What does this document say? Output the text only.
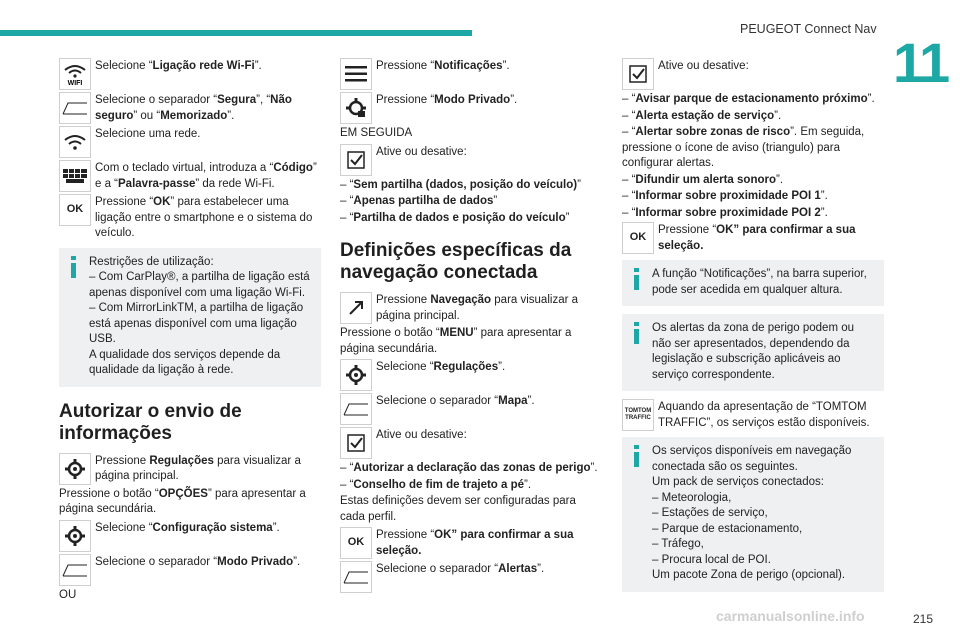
PEUGEOT Connect Nav
11
WIFI
Selecione “Ligação rede Wi-Fi”.
Selecione o separador “Segura”, “Não seguro” ou “Memorizado”.
Selecione uma rede.
Com o teclado virtual, introduza a “Código” e a “Palavra-passe” da rede Wi-Fi.
OK
Pressione “OK” para estabelecer uma ligação entre o smartphone e o sistema do veículo.
Restrições de utilização:
– Com CarPlay®, a partilha de ligação está apenas disponível com uma ligação Wi-Fi.
– Com MirrorLinkTM, a partilha de ligação está apenas disponível com uma ligação USB.
A qualidade dos serviços depende da qualidade da ligação à rede.
Autorizar o envio de
informações
Pressione Regulações para visualizar a página principal.
Pressione o botão “OPÇÕES” para apresentar a página secundária.
Selecione “Configuração sistema”.
Selecione o separador “Modo Privado”.
OU
Pressione “Notificações”.
Pressione “Modo Privado”.
EM SEGUIDA
Ative ou desative:
– “Sem partilha (dados, posição do veículo)”
– “Apenas partilha de dados”
– “Partilha de dados e posição do veículo”
Definições específicas da
navegação conectada
Pressione Navegação para visualizar a página principal.
Pressione o botão “MENU” para apresentar a página secundária.
Selecione “Regulações”.
Selecione o separador “Mapa”.
Ative ou desative:
– “Autorizar a declaração das zonas de perigo”.
– “Conselho de fim de trajeto a pé”.
Estas definições devem ser configuradas para cada perfil.
OK
Pressione “OK” para confirmar a sua seleção.
Selecione o separador “Alertas”.
Ative ou desative:
– “Avisar parque de estacionamento próximo”.
– “Alerta estação de serviço”.
– “Alertar sobre zonas de risco”. Em seguida, pressione o ícone de aviso (triangulo) para configurar alertas.
– “Difundir um alerta sonoro”.
– “Informar sobre proximidade POI 1”.
– “Informar sobre proximidade POI 2”.
OK
Pressione “OK” para confirmar a sua seleção.
A função “Notificações”, na barra superior, pode ser acedida em qualquer altura.
Os alertas da zona de perigo podem ou não ser apresentados, dependendo da legislação e subscrição aplicáveis ao serviço correspondente.
TOMTOM TRAFFIC
Aquando da apresentação de “TOMTOM TRAFFIC”, os serviços estão disponíveis.
Os serviços disponíveis em navegação conectada são os seguintes.
Um pack de serviços conectados:
– Meteorologia,
– Estações de serviço,
– Parque de estacionamento,
– Tráfego,
– Procura local de POI.
Um pacote Zona de perigo (opcional).
carmanualsonline.info	215
